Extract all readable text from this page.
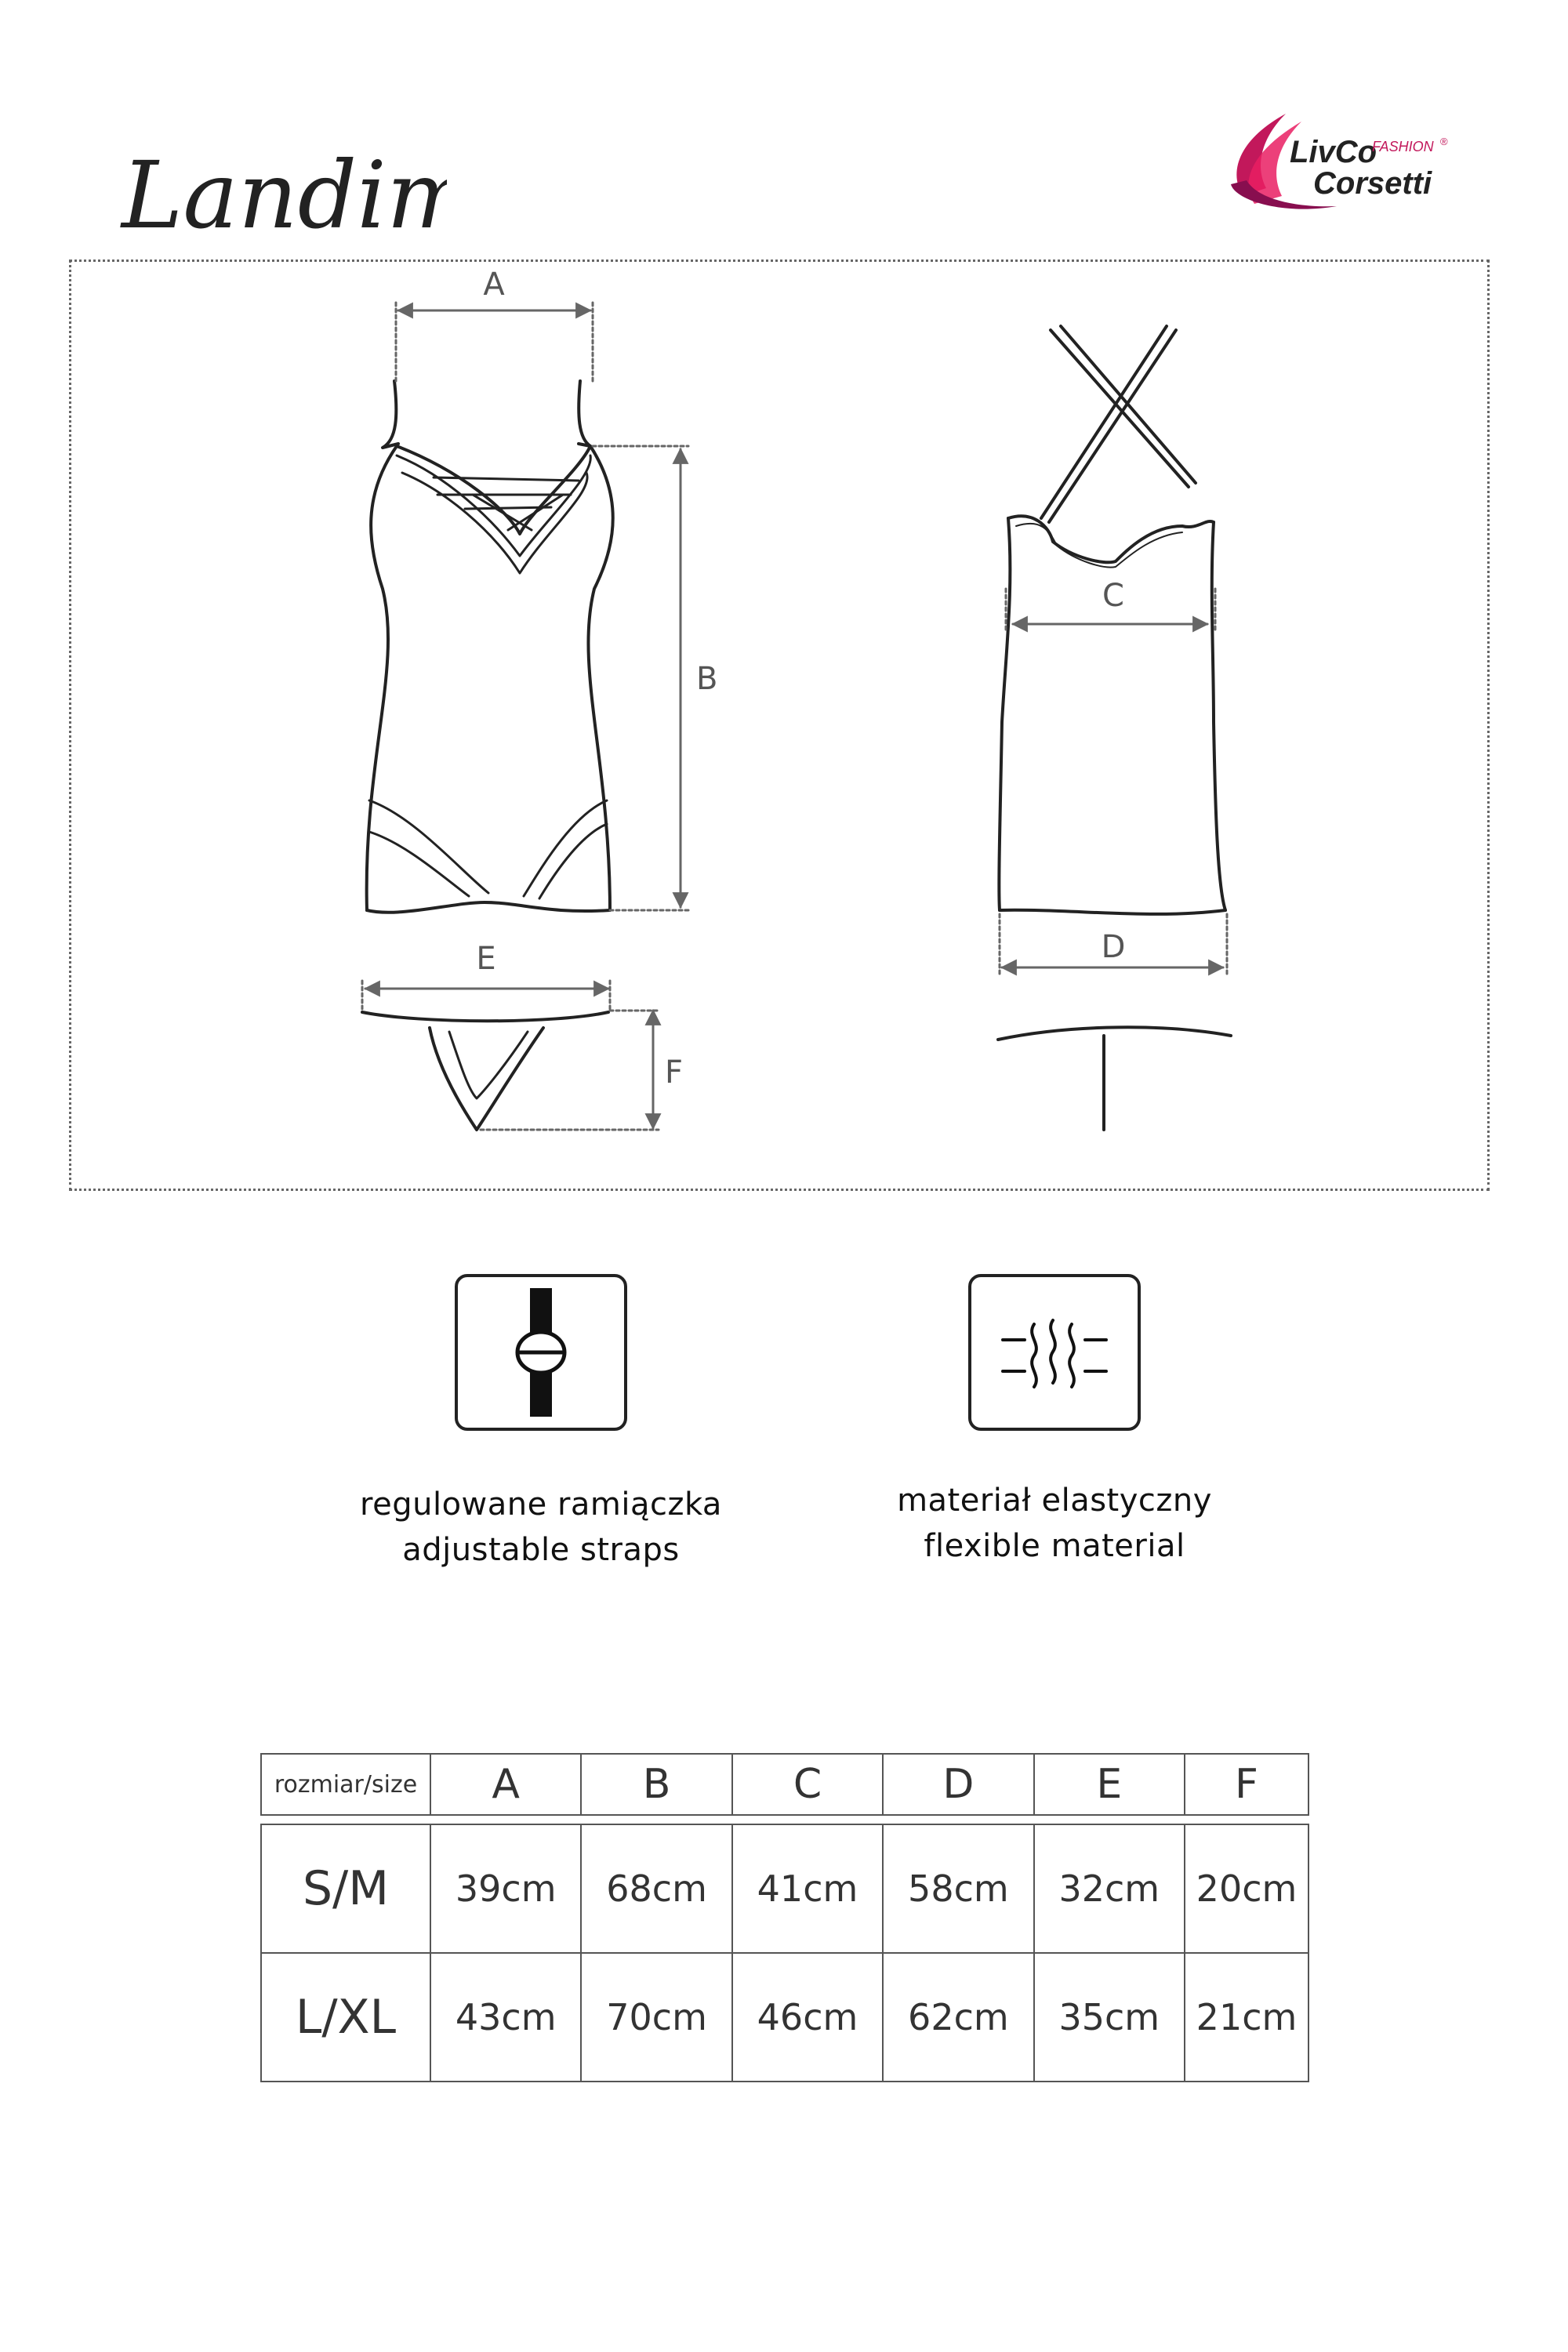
Landim	LivCo
FASHION ®
Corsetti
A
B
E
F
C
D
regulowane ramiączka
adjustable straps
materiał elastyczny
flexible material
rozmiar/size	A	B	C	D	E	F
S/M	39cm	68cm	41cm	58cm	32cm	20cm
L/XL	43cm	70cm	46cm	62cm	35cm	21cm
